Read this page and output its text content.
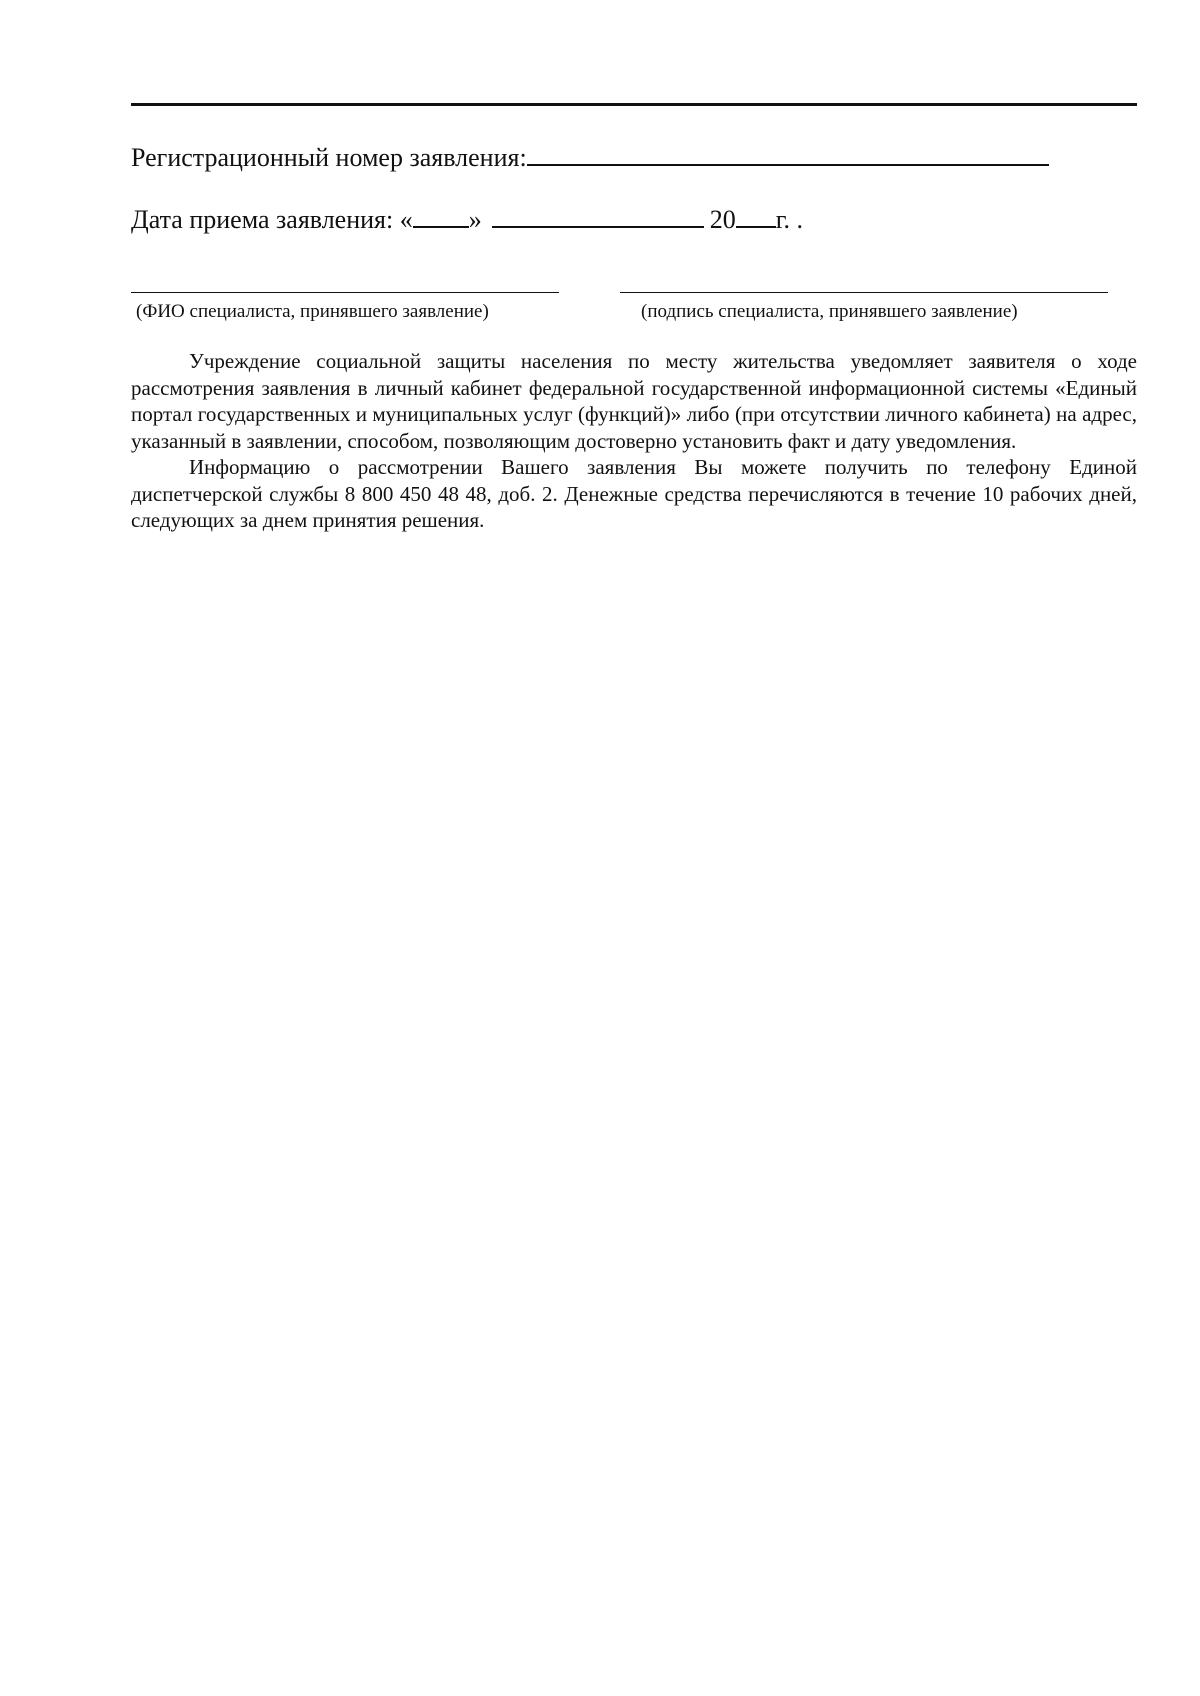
Регистрационный номер заявления:
Дата приема заявления: « »	20 г. .
(ФИО специалиста, принявшего заявление)	(подпись специалиста, принявшего заявление)

Учреждение социальной защиты населения по месту жительства уведомляет заявителя о ходе рассмотрения заявления в личный кабинет федеральной государственной информационной системы «Единый портал государственных и муниципальных услуг (функций)» либо (при отсутствии личного кабинета) на адрес, указанный в заявлении, способом, позволяющим достоверно установить факт и дату уведомления.

Информацию о рассмотрении Вашего заявления Вы можете получить по телефону Единой диспетчерской службы 8 800 450 48 48, доб. 2. Денежные средства перечисляются в течение 10 рабочих дней, следующих за днем принятия решения.
